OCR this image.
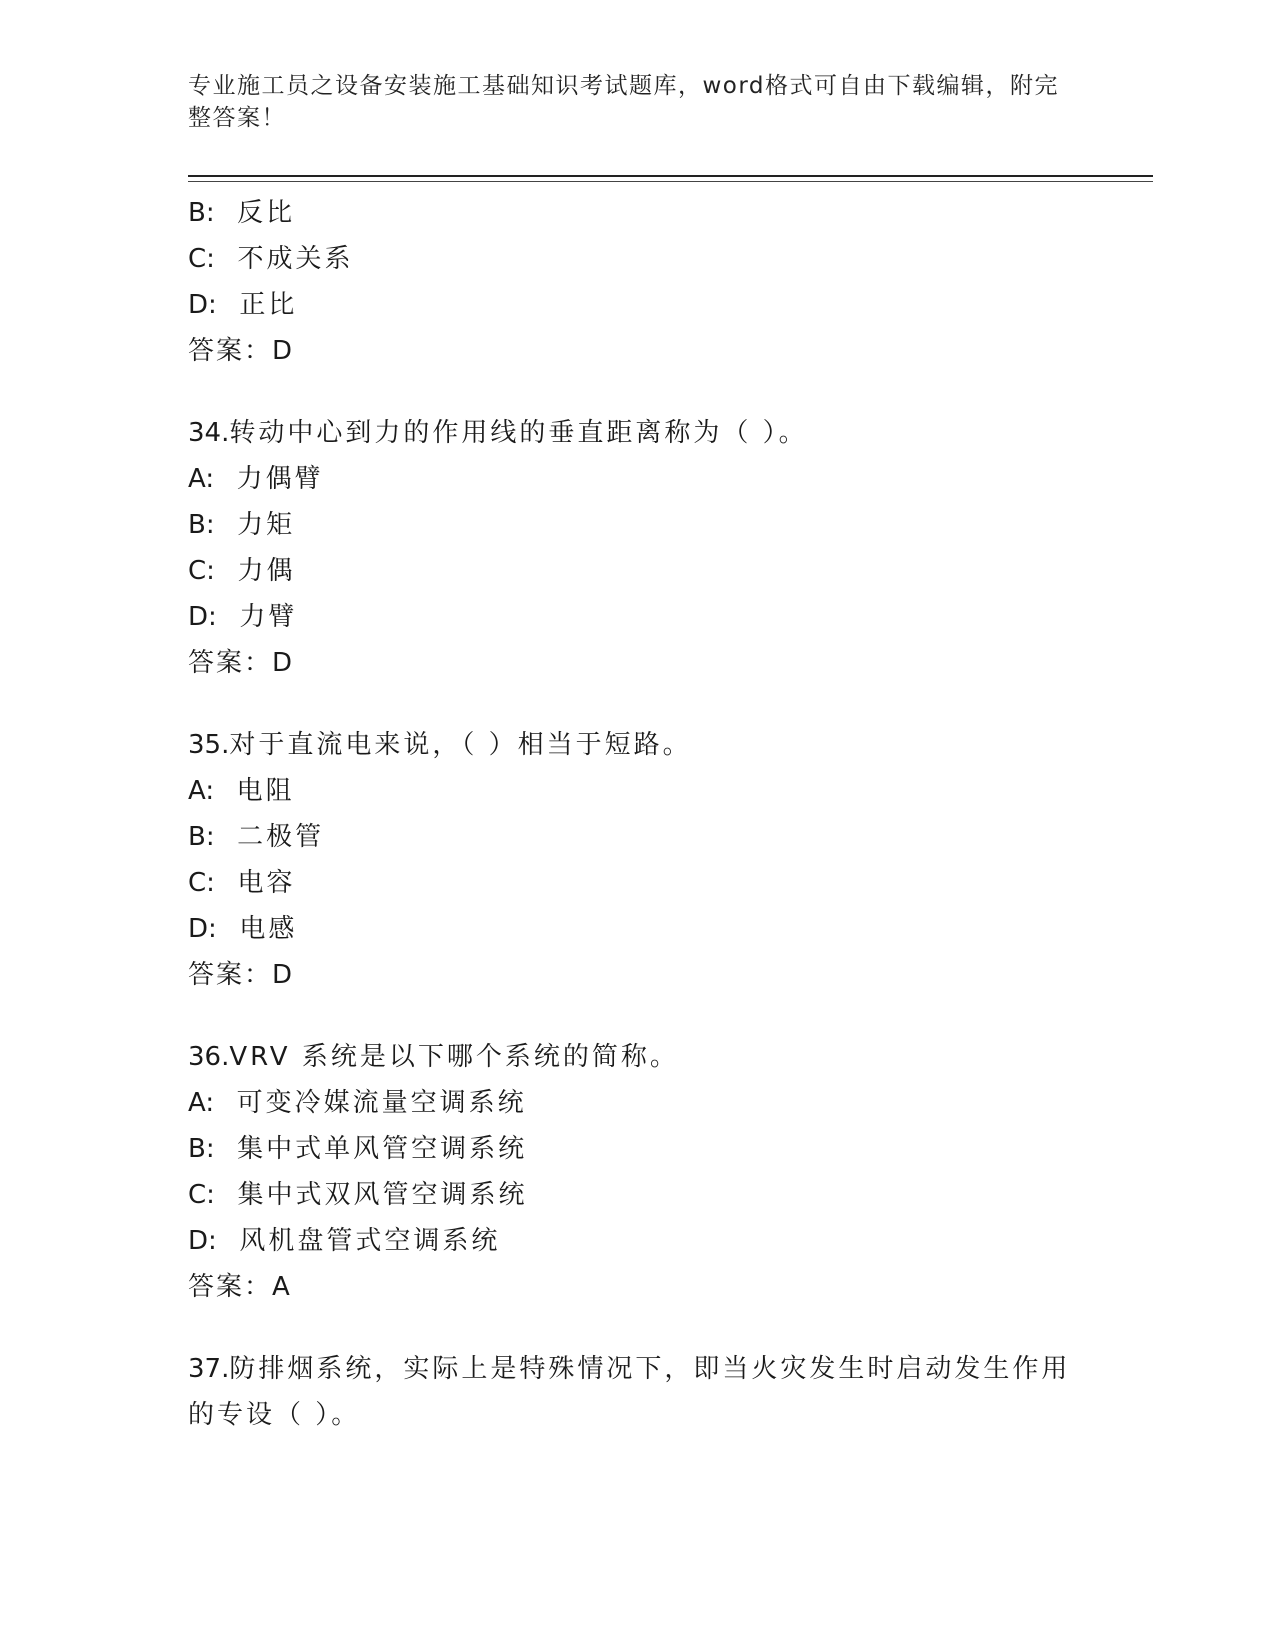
专业施工员之设备安装施工基础知识考试题库，word格式可自由下载编辑，附完整答案！
B: 反比
C: 不成关系
D: 正比
答案：D
34.转动中心到力的作用线的垂直距离称为（ ）。
A: 力偶臂
B: 力矩
C: 力偶
D: 力臂
答案：D
35.对于直流电来说，（ ）相当于短路。
A: 电阻
B: 二极管
C: 电容
D: 电感
答案：D
36.VRV 系统是以下哪个系统的简称。
A: 可变冷媒流量空调系统
B: 集中式单风管空调系统
C: 集中式双风管空调系统
D: 风机盘管式空调系统
答案：A
37.防排烟系统，实际上是特殊情况下，即当火灾发生时启动发生作用的专设（ ）。
